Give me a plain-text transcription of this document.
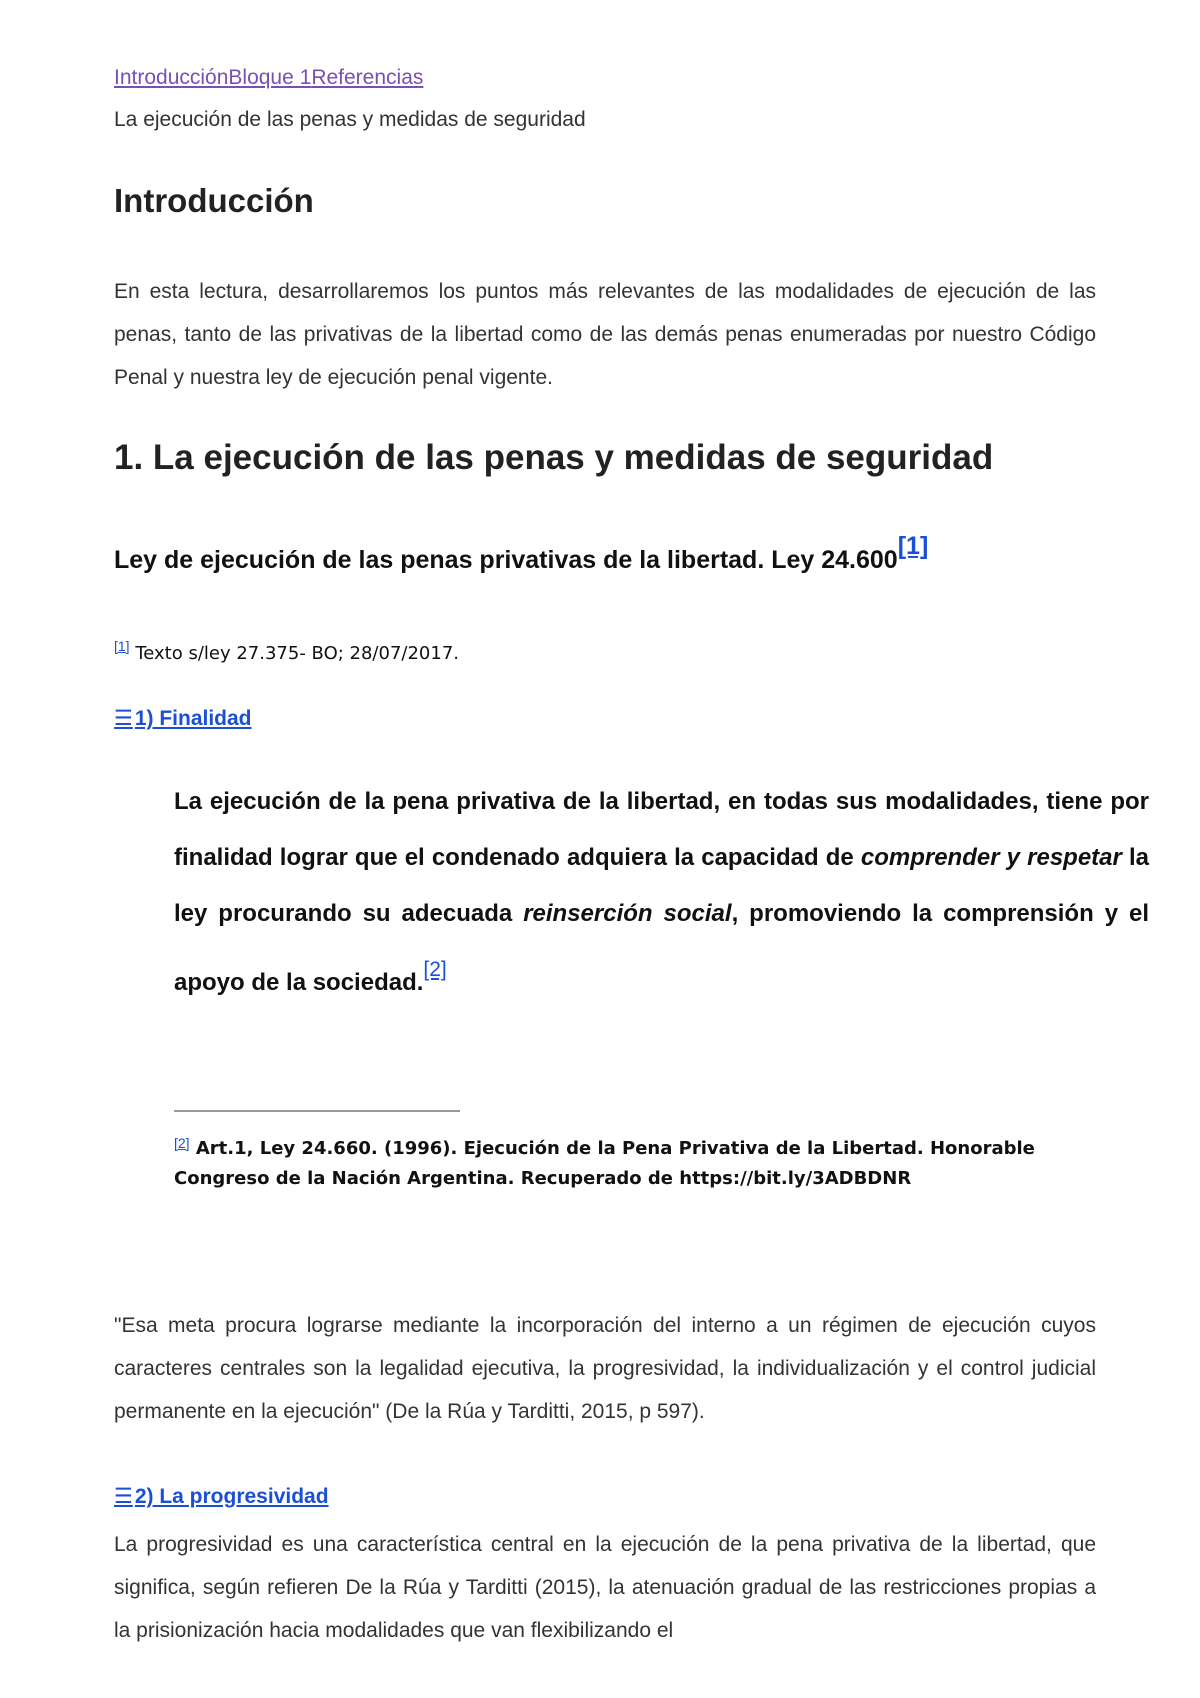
IntroducciónBloque 1Referencias
La ejecución de las penas y medidas de seguridad
Introducción
En esta lectura, desarrollaremos los puntos más relevantes de las modalidades de ejecución de las penas, tanto de las privativas de la libertad como de las demás penas enumeradas por nuestro Código Penal y nuestra ley de ejecución penal vigente.
1. La ejecución de las penas y medidas de seguridad
Ley de ejecución de las penas privativas de la libertad. Ley 24.600[1]
[1] Texto s/ley 27.375- BO; 28/07/2017.
☰1) Finalidad
La ejecución de la pena privativa de la libertad, en todas sus modalidades, tiene por finalidad lograr que el condenado adquiera la capacidad de comprender y respetar la ley procurando su adecuada reinserción social, promoviendo la comprensión y el apoyo de la sociedad.[2]
[2] Art.1, Ley 24.660. (1996). Ejecución de la Pena Privativa de la Libertad. Honorable Congreso de la Nación Argentina. Recuperado de https://bit.ly/3ADBDNR
"Esa meta procura lograrse mediante la incorporación del interno a un régimen de ejecución cuyos caracteres centrales son la legalidad ejecutiva, la progresividad, la individualización y el control judicial permanente en la ejecución" (De la Rúa y Tarditti, 2015, p 597).
☰2) La progresividad
La progresividad es una característica central en la ejecución de la pena privativa de la libertad, que significa, según refieren De la Rúa y Tarditti (2015), la atenuación gradual de las restricciones propias a la prisionización hacia modalidades que van flexibilizando el
